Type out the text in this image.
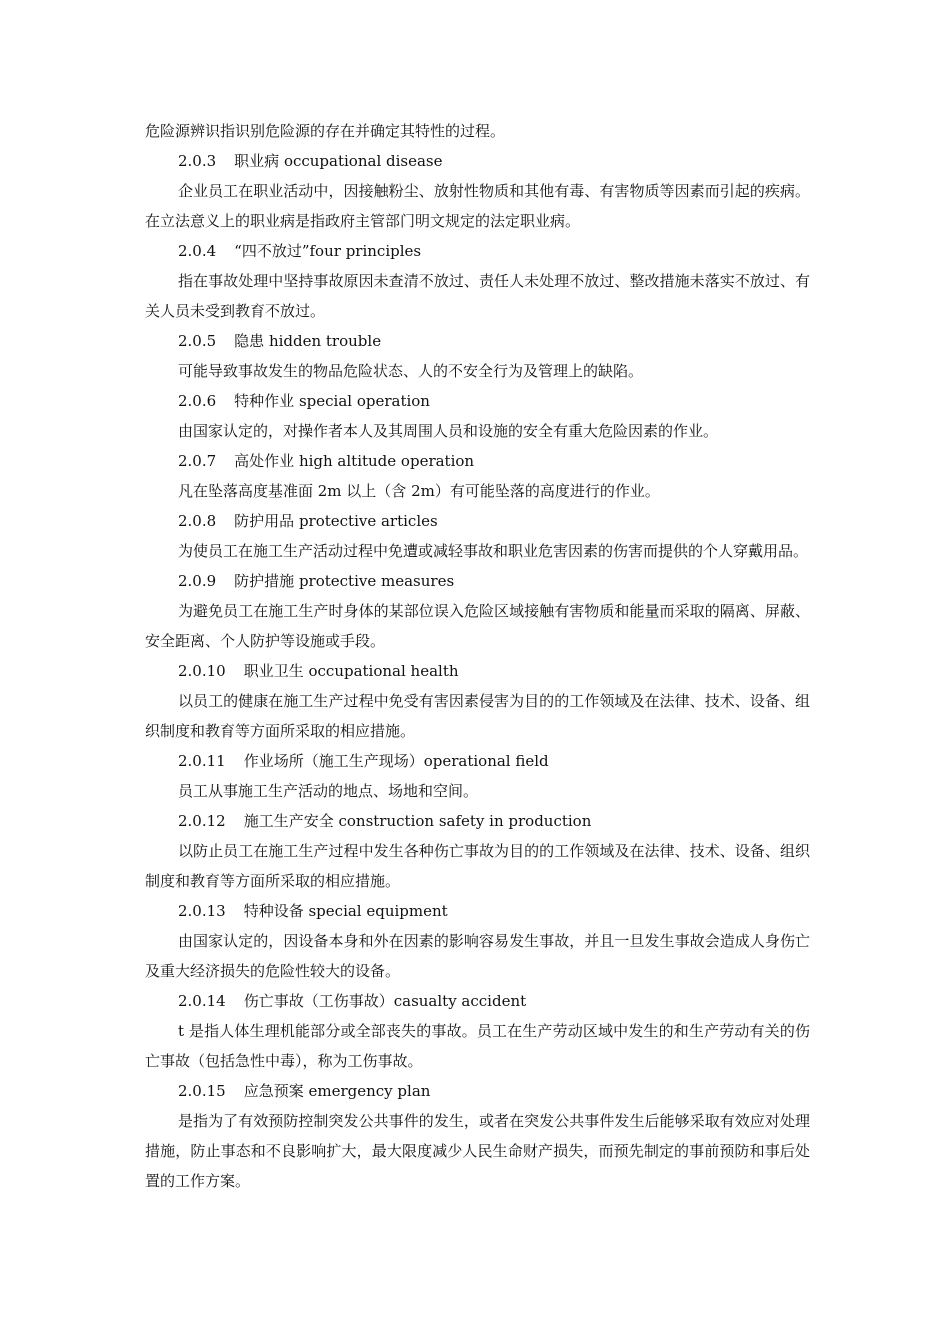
危险源辨识指识别危险源的存在并确定其特性的过程。

2.0.3 职业病 occupational disease

企业员工在职业活动中，因接触粉尘、放射性物质和其他有毒、有害物质等因素而引起的疾病。在立法意义上的职业病是指政府主管部门明文规定的法定职业病。

2.0.4 “四不放过”four principles

指在事故处理中坚持事故原因未查清不放过、责任人未处理不放过、整改措施未落实不放过、有关人员未受到教育不放过。

2.0.5 隐患 hidden trouble

可能导致事故发生的物品危险状态、人的不安全行为及管理上的缺陷。

2.0.6 特种作业 special operation

由国家认定的，对操作者本人及其周围人员和设施的安全有重大危险因素的作业。

2.0.7 高处作业 high altitude operation

凡在坠落高度基准面 2m 以上（含 2m）有可能坠落的高度进行的作业。

2.0.8 防护用品 protective articles

为使员工在施工生产活动过程中免遭或减轻事故和职业危害因素的伤害而提供的个人穿戴用品。

2.0.9 防护措施 protective measures

为避免员工在施工生产时身体的某部位误入危险区域接触有害物质和能量而采取的隔离、屏蔽、安全距离、个人防护等设施或手段。

2.0.10 职业卫生 occupational health

以员工的健康在施工生产过程中免受有害因素侵害为目的的工作领域及在法律、技术、设备、组织制度和教育等方面所采取的相应措施。

2.0.11 作业场所（施工生产现场）operational field

员工从事施工生产活动的地点、场地和空间。

2.0.12 施工生产安全 construction safety in production

以防止员工在施工生产过程中发生各种伤亡事故为目的的工作领域及在法律、技术、设备、组织制度和教育等方面所采取的相应措施。

2.0.13 特种设备 special equipment

由国家认定的，因设备本身和外在因素的影响容易发生事故，并且一旦发生事故会造成人身伤亡及重大经济损失的危险性较大的设备。

2.0.14 伤亡事故（工伤事故）casualty accident

t 是指人体生理机能部分或全部丧失的事故。员工在生产劳动区域中发生的和生产劳动有关的伤亡事故（包括急性中毒），称为工伤事故。

2.0.15 应急预案 emergency plan

是指为了有效预防控制突发公共事件的发生，或者在突发公共事件发生后能够采取有效应对处理措施，防止事态和不良影响扩大，最大限度减少人民生命财产损失，而预先制定的事前预防和事后处置的工作方案。
